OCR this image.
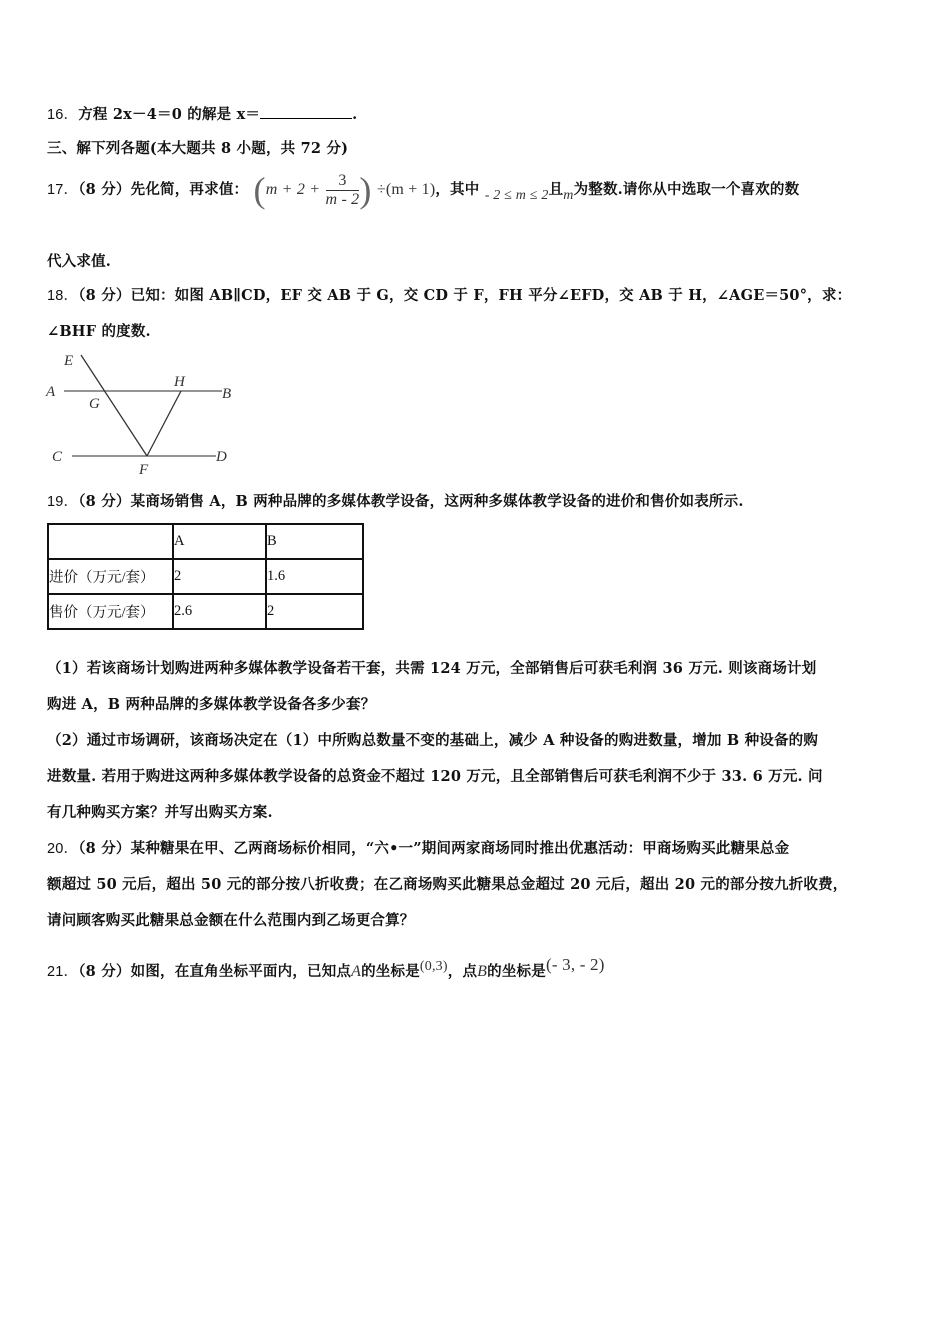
16．方程 2x－4＝0 的解是 x＝	.
三、解下列各题(本大题共 8 小题，共 72 分)
17．（8 分）先化简，再求值： ($m + 2 + \frac{3}{m - 2}$ ) ÷(m + 1)，其中 - 2 ≤ m ≤ 2且m为整数.请你从中选取一个喜欢的数
代入求值.
18．（8 分）已知：如图 AB∥CD，EF 交 AB 于 G，交 CD 于 F，FH 平分∠EFD，交 AB 于 H，∠AGE＝50°，求：
∠BHF 的度数.
E
A
G
H
B
C
F
D
19．（8 分）某商场销售 A，B 两种品牌的多媒体教学设备，这两种多媒体教学设备的进价和售价如表所示.
	A	B
进价（万元/套）	2	1.6
售价（万元/套）	2.6	2
（1）若该商场计划购进两种多媒体教学设备若干套，共需 124 万元，全部销售后可获毛利润 36 万元. 则该商场计划
购进 A，B 两种品牌的多媒体教学设备各多少套？
（2）通过市场调研，该商场决定在（1）中所购总数量不变的基础上，减少 A 种设备的购进数量，增加 B 种设备的购
进数量. 若用于购进这两种多媒体教学设备的总资金不超过 120 万元，且全部销售后可获毛利润不少于 33. 6 万元. 问
有几种购买方案？并写出购买方案.
20．（8 分）某种糖果在甲、乙两商场标价相同，“六•一”期间两家商场同时推出优惠活动：甲商场购买此糖果总金
额超过 50 元后，超出 50 元的部分按八折收费；在乙商场购买此糖果总金超过 20 元后，超出 20 元的部分按九折收费，
请问顾客购买此糖果总金额在什么范围内到乙场更合算？
21．（8 分）如图，在直角坐标平面内，已知点A的坐标是(0,3)，点B的坐标是(- 3, - 2)
